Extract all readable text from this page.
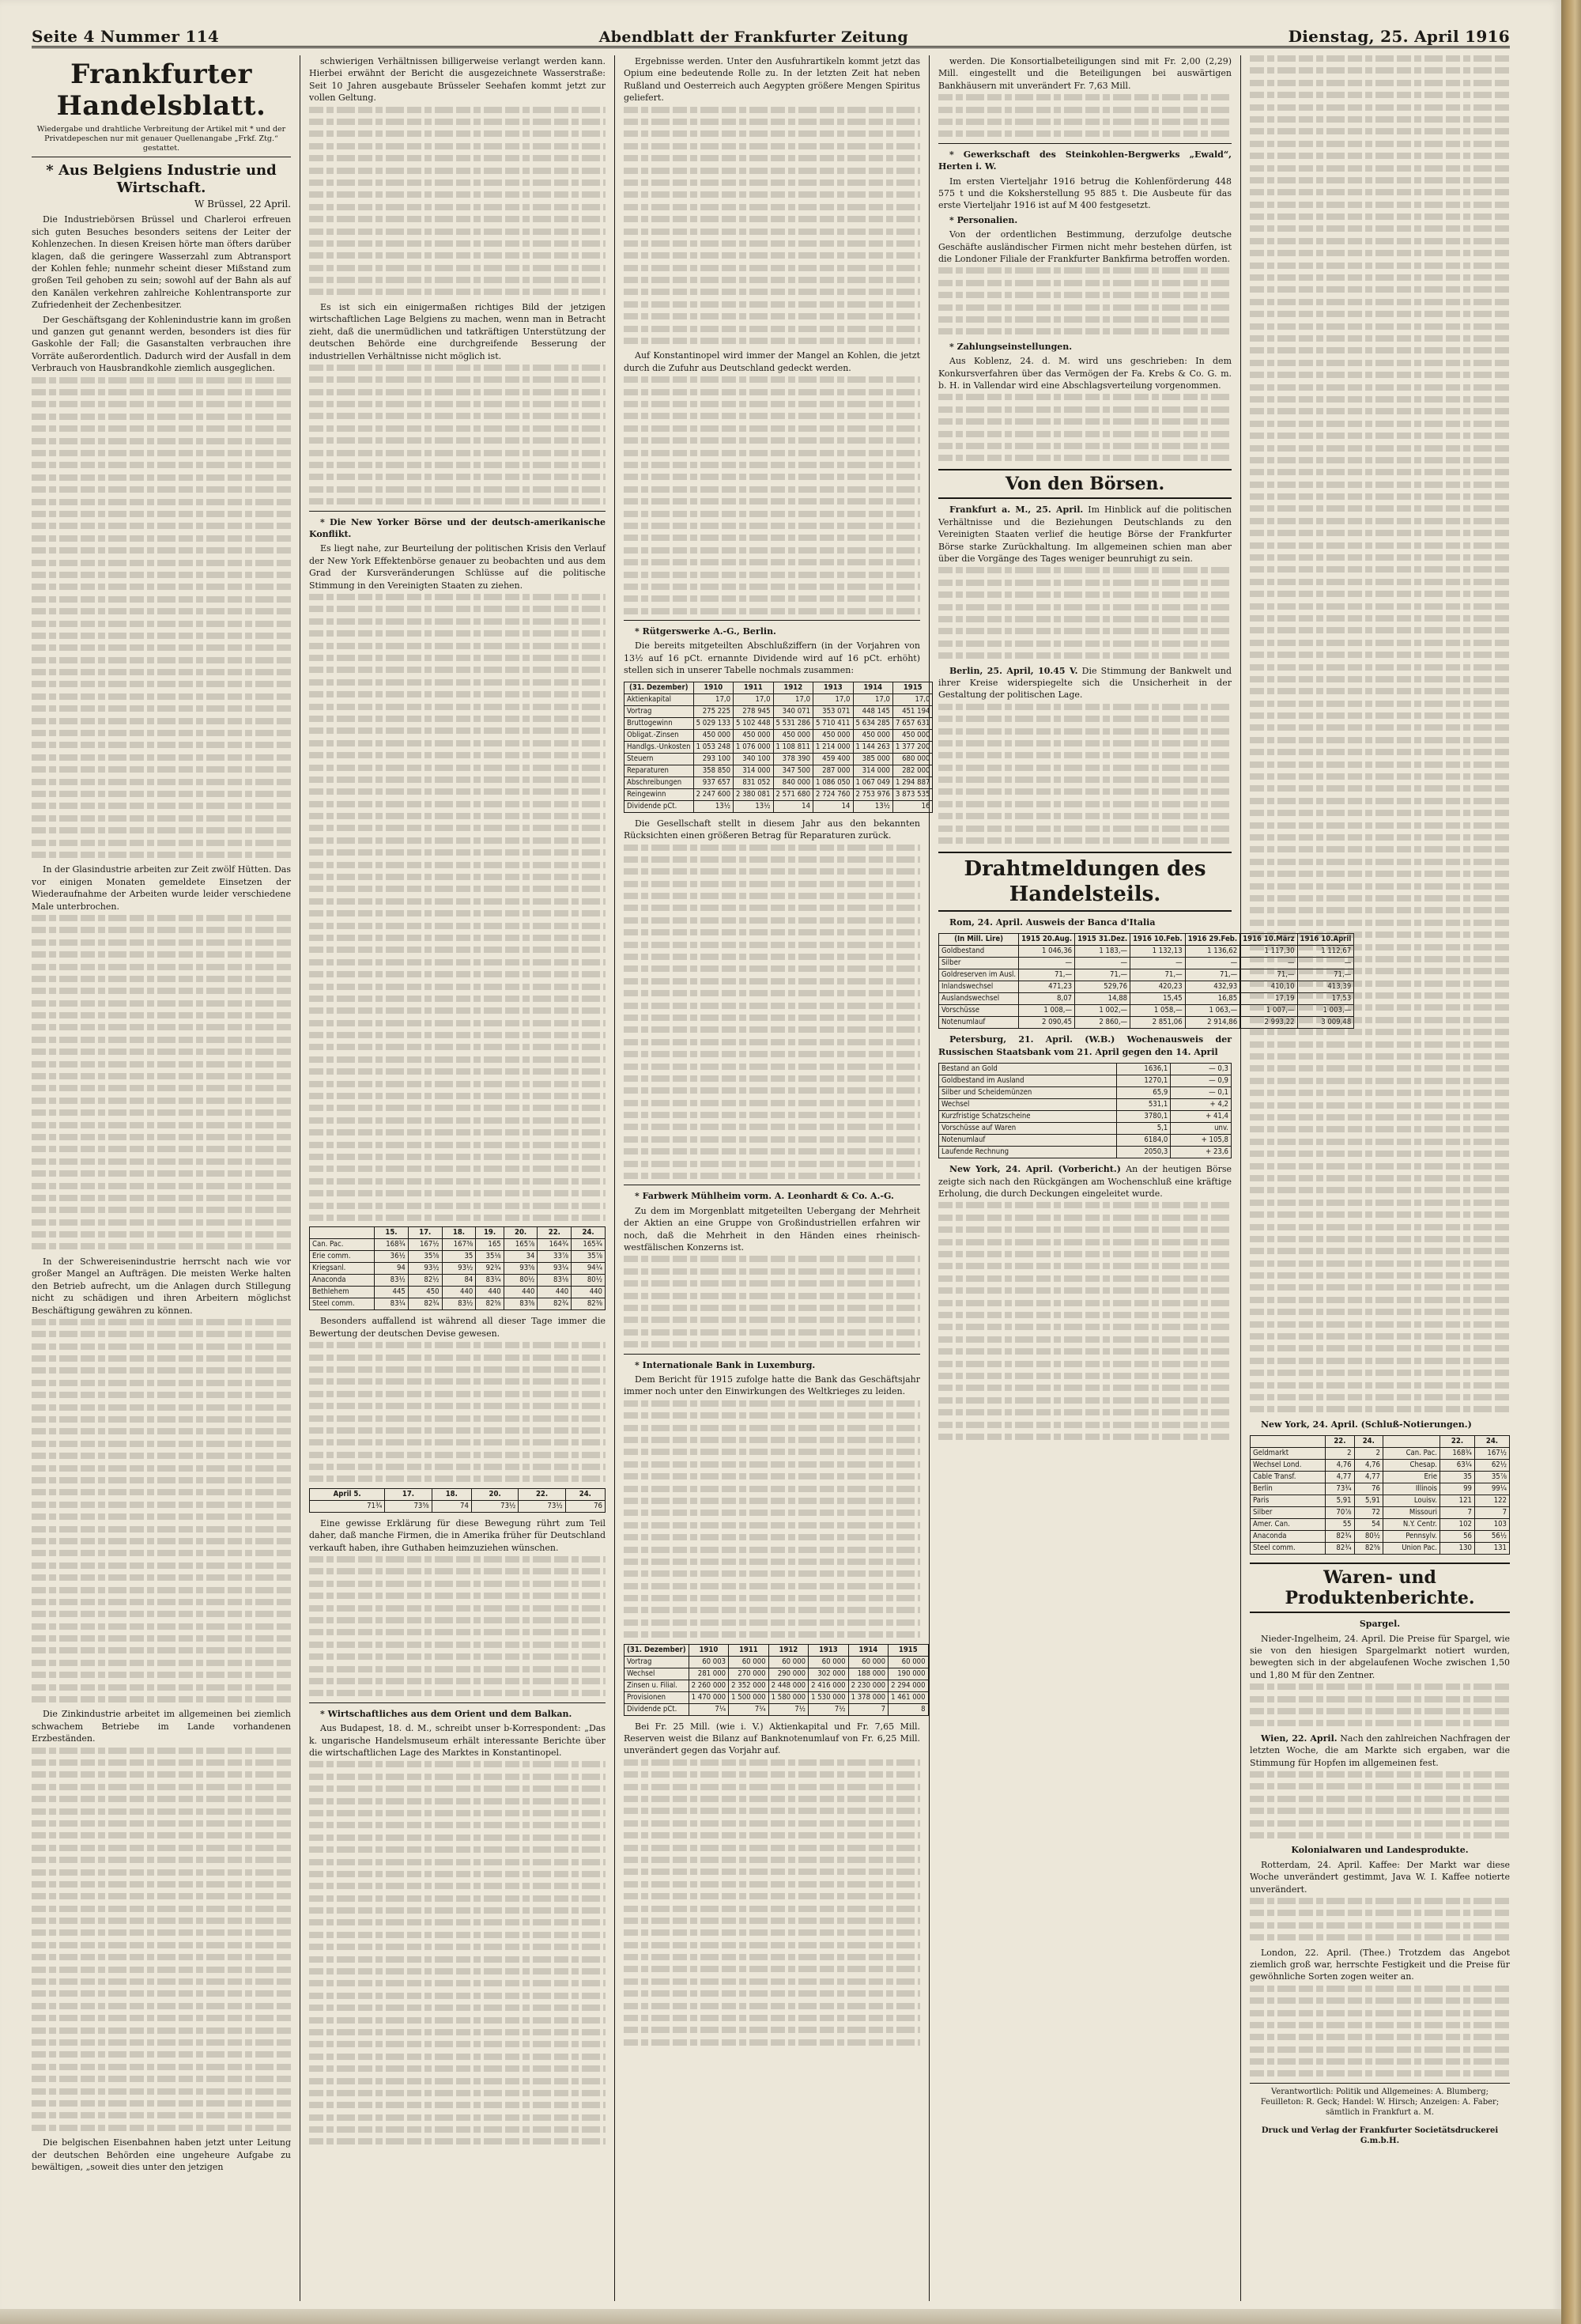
Seite 4 Nummer 114	Abendblatt der Frankfurter Zeitung	Dienstag, 25. April 1916
Frankfurter Handelsblatt.
Wiedergabe und drahtliche Verbreitung der Artikel mit * und der Privatdepeschen nur mit genauer Quellenangabe „Frkf. Ztg.“ gestattet.
* Aus Belgiens Industrie und Wirtschaft.
W Brüssel, 22 April.

Die Industriebörsen Brüssel und Charleroi erfreuen sich guten Besuches besonders seitens der Leiter der Kohlenzechen. In diesen Kreisen hörte man öfters darüber klagen, daß die geringere Wasserzahl zum Abtransport der Kohlen fehle; nunmehr scheint dieser Mißstand zum großen Teil gehoben zu sein; sowohl auf der Bahn als auf den Kanälen verkehren zahlreiche Kohlentransporte zur Zufriedenheit der Zechenbesitzer.

Der Geschäftsgang der Kohlenindustrie kann im großen und ganzen gut genannt werden, besonders ist dies für Gaskohle der Fall; die Gasanstalten verbrauchen ihre Vorräte außerordentlich. Dadurch wird der Ausfall in dem Verbrauch von Hausbrandkohle ziemlich ausgeglichen.

In der Glasindustrie arbeiten zur Zeit zwölf Hütten. Das vor einigen Monaten gemeldete Einsetzen der Wiederaufnahme der Arbeiten wurde leider verschiedene Male unterbrochen.

In der Schwereisenindustrie herrscht nach wie vor großer Mangel an Aufträgen. Die meisten Werke halten den Betrieb aufrecht, um die Anlagen durch Stillegung nicht zu schädigen und ihren Arbeitern möglichst Beschäftigung gewähren zu können.

Die Zinkindustrie arbeitet im allgemeinen bei ziemlich schwachem Betriebe im Lande vorhandenen Erzbeständen.

Die belgischen Eisenbahnen haben jetzt unter Leitung der deutschen Behörden eine ungeheure Aufgabe zu bewältigen, „soweit dies unter den jetzigen

schwierigen Verhältnissen billigerweise verlangt werden kann. Hierbei erwähnt der Bericht die ausgezeichnete Wasserstraße: Seit 10 Jahren ausgebaute Brüsseler Seehafen kommt jetzt zur vollen Geltung.

Es ist sich ein einigermaßen richtiges Bild der jetzigen wirtschaftlichen Lage Belgiens zu machen, wenn man in Betracht zieht, daß die unermüdlichen und tatkräftigen Unterstützung der deutschen Behörde eine durchgreifende Besserung der industriellen Verhältnisse nicht möglich ist.

* Die New Yorker Börse und der deutsch-amerikanische Konflikt.

Es liegt nahe, zur Beurteilung der politischen Krisis den Verlauf der New York Effektenbörse genauer zu beobachten und aus dem Grad der Kursveränderungen Schlüsse auf die politische Stimmung in den Vereinigten Staaten zu ziehen.

	15.	17.	18.	19.	20.	22.	24.
Can. Pac.	168¾	167½	167⅜	165	165⅞	164¾	165¾
Erie comm.	36½	35⅝	35	35⅛	34	33⅞	35⅞
Kriegsanl.	94	93½	93½	92¾	93⅝	93¼	94¼
Anaconda	83½	82½	84	83¼	80½	83⅛	80½
Bethlehem	445	450	440	440	440	440	440
Steel comm.	83¼	82¾	83½	82⅜	83⅜	82¾	82⅜

Besonders auffallend ist während all dieser Tage immer die Bewertung der deutschen Devise gewesen.

April 5.	17.	18.	20.	22.	24.
71¾	73⅜	74	73½	73½	76

Eine gewisse Erklärung für diese Bewegung rührt zum Teil daher, daß manche Firmen, die in Amerika früher für Deutschland verkauft haben, ihre Guthaben heimzuziehen wünschen.

* Wirtschaftliches aus dem Orient und dem Balkan.

Aus Budapest, 18. d. M., schreibt unser b-Korrespondent: „Das k. ungarische Handelsmuseum erhält interessante Berichte über die wirtschaftlichen Lage des Marktes in Konstantinopel.

Ergebnisse werden. Unter den Ausfuhrartikeln kommt jetzt das Opium eine bedeutende Rolle zu. In der letzten Zeit hat neben Rußland und Oesterreich auch Aegypten größere Mengen Spiritus geliefert.

Auf Konstantinopel wird immer der Mangel an Kohlen, die jetzt durch die Zufuhr aus Deutschland gedeckt werden.

* Rütgerswerke A.-G., Berlin.

Die bereits mitgeteilten Abschlußziffern (in der Vorjahren von 13½ auf 16 pCt. ernannte Dividende wird auf 16 pCt. erhöht) stellen sich in unserer Tabelle nochmals zusammen:

(31. Dezember)	1910	1911	1912	1913	1914	1915
Aktienkapital	17,0	17,0	17,0	17,0	17,0	17,0
Vortrag	275 225	278 945	340 071	353 071	448 145	451 194
Bruttogewinn	5 029 133	5 102 448	5 531 286	5 710 411	5 634 285	7 657 631
Obligat.-Zinsen	450 000	450 000	450 000	450 000	450 000	450 000
Handlgs.-Unkosten	1 053 248	1 076 000	1 108 811	1 214 000	1 144 263	1 377 200
Steuern	293 100	340 100	378 390	459 400	385 000	680 000
Reparaturen	358 850	314 000	347 500	287 000	314 000	282 000
Abschreibungen	937 657	831 052	840 000	1 086 050	1 067 049	1 294 887
Reingewinn	2 247 600	2 380 081	2 571 680	2 724 760	2 753 976	3 873 535
Dividende pCt.	13½	13½	14	14	13½	16

Die Gesellschaft stellt in diesem Jahr aus den bekannten Rücksichten einen größeren Betrag für Reparaturen zurück.

* Farbwerk Mühlheim vorm. A. Leonhardt & Co. A.-G.

Zu dem im Morgenblatt mitgeteilten Uebergang der Mehrheit der Aktien an eine Gruppe von Großindustriellen erfahren wir noch, daß die Mehrheit in den Händen eines rheinisch-westfälischen Konzerns ist.

* Internationale Bank in Luxemburg.

Dem Bericht für 1915 zufolge hatte die Bank das Geschäftsjahr immer noch unter den Einwirkungen des Weltkrieges zu leiden.

(31. Dezember)	1910	1911	1912	1913	1914	1915
Vortrag	60 003	60 000	60 000	60 000	60 000	60 000
Wechsel	281 000	270 000	290 000	302 000	188 000	190 000
Zinsen u. Filial.	2 260 000	2 352 000	2 448 000	2 416 000	2 230 000	2 294 000
Provisionen	1 470 000	1 500 000	1 580 000	1 530 000	1 378 000	1 461 000
Dividende pCt.	7¼	7¼	7½	7½	7	8

Bei Fr. 25 Mill. (wie i. V.) Aktienkapital und Fr. 7,65 Mill. Reserven weist die Bilanz auf Banknotenumlauf von Fr. 6,25 Mill. unverändert gegen das Vorjahr auf.

werden. Die Konsortialbeteiligungen sind mit Fr. 2,00 (2,29) Mill. eingestellt und die Beteiligungen bei auswärtigen Bankhäusern mit unverändert Fr. 7,63 Mill.

* Gewerkschaft des Steinkohlen-Bergwerks „Ewald“, Herten i. W.

Im ersten Vierteljahr 1916 betrug die Kohlenförderung 448 575 t und die Koksherstellung 95 885 t. Die Ausbeute für das erste Vierteljahr 1916 ist auf M 400 festgesetzt.

* Personalien.

Von der ordentlichen Bestimmung, derzufolge deutsche Geschäfte ausländischer Firmen nicht mehr bestehen dürfen, ist die Londoner Filiale der Frankfurter Bankfirma betroffen worden.

* Zahlungseinstellungen.

Aus Koblenz, 24. d. M. wird uns geschrieben: In dem Konkursverfahren über das Vermögen der Fa. Krebs & Co. G. m. b. H. in Vallendar wird eine Abschlagsverteilung vorgenommen.

Von den Börsen.

Frankfurt a. M., 25. April. Im Hinblick auf die politischen Verhältnisse und die Beziehungen Deutschlands zu den Vereinigten Staaten verlief die heutige Börse der Frankfurter Börse starke Zurückhaltung. Im allgemeinen schien man aber über die Vorgänge des Tages weniger beunruhigt zu sein.

Berlin, 25. April, 10.45 V. Die Stimmung der Bankwelt und ihrer Kreise widerspiegelte sich die Unsicherheit in der Gestaltung der politischen Lage.

Drahtmeldungen des Handelsteils.

Rom, 24. April. Ausweis der Banca d'Italia

(In Mill. Lire)	1915 20.Aug.	1915 31.Dez.	1916 10.Feb.	1916 29.Feb.	1916 10.März	1916 10.April
Goldbestand	1 046,36	1 183,—	1 132,13	1 136,62	1 117,30	1 112,67
Silber	—	—	—	—	—	—
Goldreserven im Ausl.	71,—	71,—	71,—	71,—	71,—	71,—
Inlandswechsel	471,23	529,76	420,23	432,93	410,10	413,39
Auslandswechsel	8,07	14,88	15,45	16,85	17,19	17,53
Vorschüsse	1 008,—	1 002,—	1 058,—	1 063,—	1 007,—	1 003,—
Notenumlauf	2 090,45	2 860,—	2 851,06	2 914,86	2 993,22	3 009,48

Petersburg, 21. April. (W.B.) Wochenausweis der Russischen Staatsbank vom 21. April gegen den 14. April

Bestand an Gold	1636,1	— 0,3
Goldbestand im Ausland	1270,1	— 0,9
Silber und Scheidemünzen	65,9	— 0,1
Wechsel	531,1	+ 4,2
Kurzfristige Schatzscheine	3780,1	+ 41,4
Vorschüsse auf Waren	5,1	unv.
Notenumlauf	6184,0	+ 105,8
Laufende Rechnung	2050,3	+ 23,6

New York, 24. April. (Vorbericht.) An der heutigen Börse zeigte sich nach den Rückgängen am Wochenschluß eine kräftige Erholung, die durch Deckungen eingeleitet wurde.

New York, 24. April. (Schluß-Notierungen.)

	22.	24.		22.	24.
Geldmarkt	2	2	Can. Pac.	168¾	167½
Wechsel Lond.	4,76	4,76	Chesap.	63¼	62½
Cable Transf.	4,77	4,77	Erie	35	35⅞
Berlin	73¾	76	Illinois	99	99¼
Paris	5,91	5,91	Louisv.	121	122
Silber	70⅞	72	Missouri	7	7
Amer. Can.	55	54	N.Y. Centr.	102	103
Anaconda	82¾	80½	Pennsylv.	56	56½
Steel comm.	82¾	82⅜	Union Pac.	130	131
Waren- und Produktenberichte.

Spargel.

Nieder-Ingelheim, 24. April. Die Preise für Spargel, wie sie von den hiesigen Spargelmarkt notiert wurden, bewegten sich in der abgelaufenen Woche zwischen 1,50 und 1,80 M für den Zentner.

Wien, 22. April. Nach den zahlreichen Nachfragen der letzten Woche, die am Markte sich ergaben, war die Stimmung für Hopfen im allgemeinen fest.

Kolonialwaren und Landesprodukte.

Rotterdam, 24. April. Kaffee: Der Markt war diese Woche unverändert gestimmt, Java W. I. Kaffee notierte unverändert.

London, 22. April. (Thee.) Trotzdem das Angebot ziemlich groß war, herrschte Festigkeit und die Preise für gewöhnliche Sorten zogen weiter an.

Verantwortlich: Politik und Allgemeines: A. Blumberg; Feuilleton: R. Geck; Handel: W. Hirsch; Anzeigen: A. Faber; sämtlich in Frankfurt a. M.
Druck und Verlag der Frankfurter Societätsdruckerei G.m.b.H.
